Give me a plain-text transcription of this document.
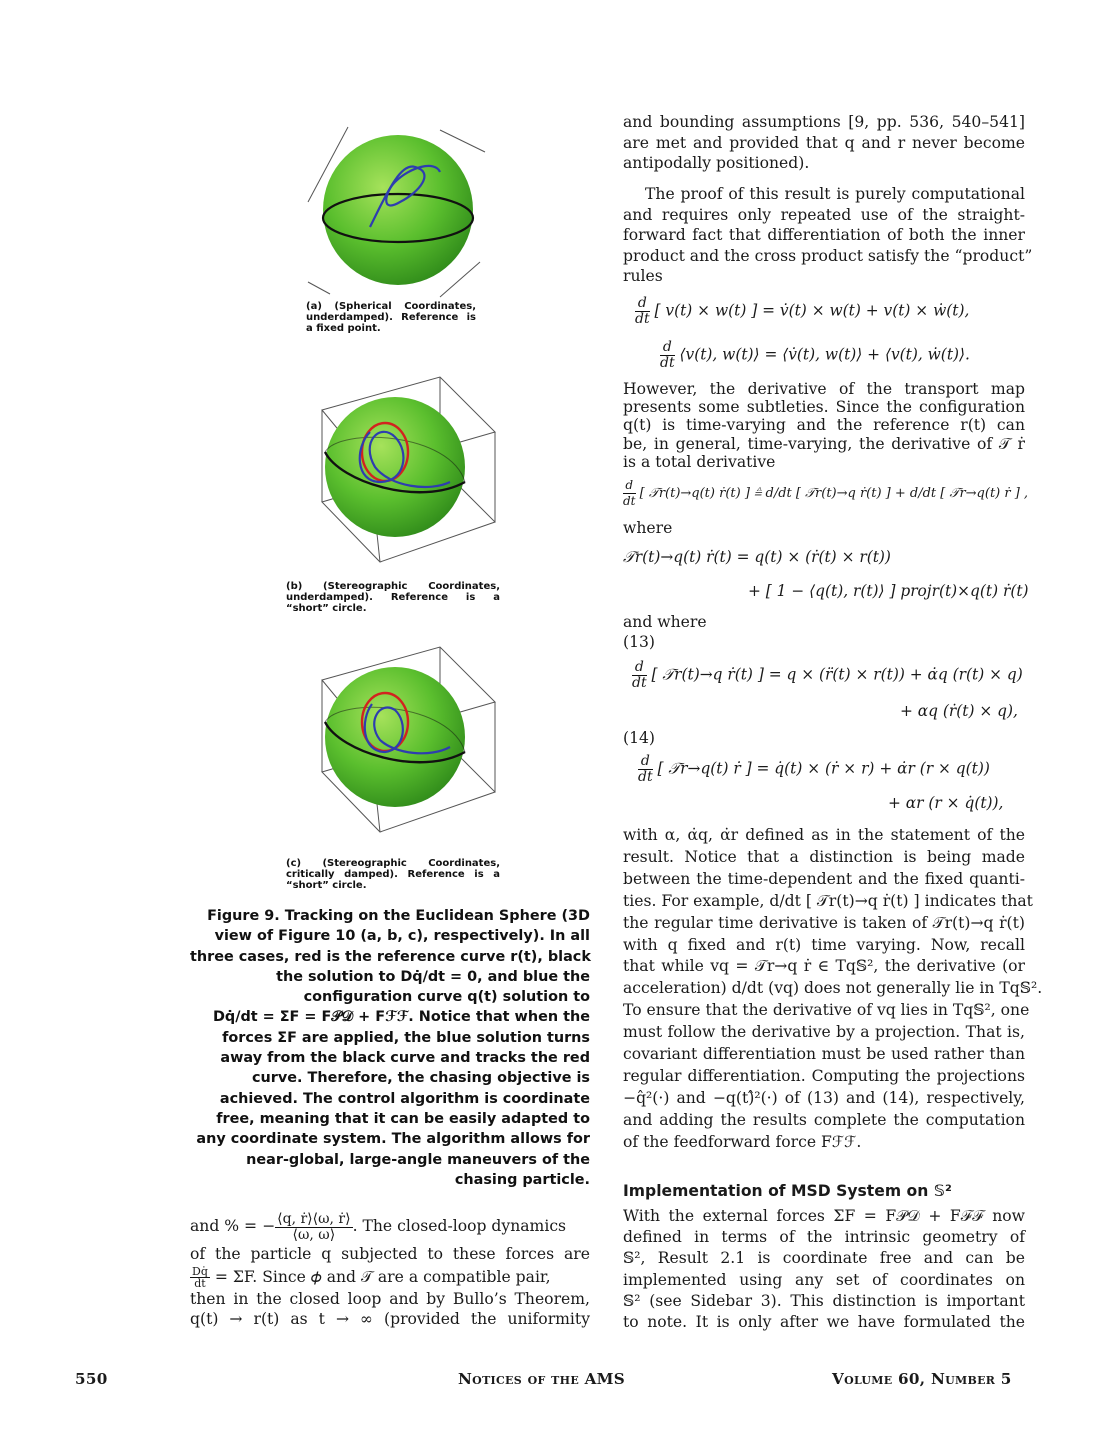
(a) (Spherical Coordinates, underdamped). Reference is a fixed point.
(b) (Stereographic Coordinates, underdamped). Reference is a “short” circle.
(c) (Stereographic Coordinates, critically damped). Reference is a “short” circle.
Figure 9. Tracking on the Euclidean Sphere (3D
view of Figure 10 (a, b, c), respectively). In all
three cases, red is the reference curve r(t), black
the solution to Dq̇/dt = 0, and blue the
configuration curve q(t) solution to
Dq̇/dt = ΣF = F𝒫𝒟 + Fℱℱ. Notice that when the
forces ΣF are applied, the blue solution turns
away from the black curve and tracks the red
curve. Therefore, the chasing objective is
achieved. The control algorithm is coordinate
free, meaning that it can be easily adapted to
any coordinate system. The algorithm allows for
near-global, large-angle maneuvers of the
chasing particle.
and % = − $\frac{\text{⟨q, ṙ⟩⟨ω, ṙ⟩}}{⟨\omega, \omega⟩}$ . The closed-loop dynamics
of the particle q subjected to these forces are
$\frac{Dq̇}{dt} = \Sigma F$. Since 𝜙 and 𝒯 are a compatible pair,
then in the closed loop and by Bullo’s Theorem,
q(t) → r(t) as t → ∞ (provided the uniformity
and bounding assumptions [9, pp. 536, 540–541]
are met and provided that q and r never become
antipodally positioned).
The proof of this result is purely computational
and requires only repeated use of the straight-
forward fact that differentiation of both the inner
product and the cross product satisfy the “product”
rules
$\frac{d}{dt}$ [ v(t) × w(t) ] = v̇(t) × w(t) + v(t) × ẇ(t),
$\frac{d}{dt}$ ⟨v(t), w(t)⟩ = ⟨v̇(t), w(t)⟩ + ⟨v(t), ẇ(t)⟩.
However, the derivative of the transport map
presents some subtleties. Since the configuration
q(t) is time-varying and the reference r(t) can
be, in general, time-varying, the derivative of 𝒯 ṙ
is a total derivative
$\frac{d}{dt}$ [ 𝒯r(t)→q(t) ṙ(t) ] ≜ d/dt [ 𝒯r(t)→q ṙ(t) ] + d/dt [ 𝒯r→q(t) ṙ ] ,
where
𝒯r(t)→q(t) ṙ(t) = q(t) × (ṙ(t) × r(t))
+ [ 1 − ⟨q(t), r(t)⟩ ] projr(t)×q(t) ṙ(t)
and where
(13)
$\frac{d}{dt}$ [ 𝒯r(t)→q ṙ(t) ] = q × (r̈(t) × r(t)) + α̇q (r(t) × q)
+ αq (ṙ(t) × q),
(14)
$\frac{d}{dt}$ [ 𝒯r→q(t) ṙ ] = q̇(t) × (ṙ × r) + α̇r (r × q(t))
+ αr (r × q̇(t)),
with α, α̇q, α̇r defined as in the statement of the
result. Notice that a distinction is being made
between the time-dependent and the fixed quanti-
ties. For example, d/dt [ 𝒯r(t)→q ṙ(t) ] indicates that
the regular time derivative is taken of 𝒯r(t)→q ṙ(t)
with q fixed and r(t) time varying. Now, recall
that while vq = 𝒯r→q ṙ ∈ Tq𝕊², the derivative (or
acceleration) d/dt (vq) does not generally lie in Tq𝕊².
To ensure that the derivative of vq lies in Tq𝕊², one
must follow the derivative by a projection. That is,
covariant differentiation must be used rather than
regular differentiation. Computing the projections
−q̂²(·) and −q(t)̂²(·) of (13) and (14), respectively,
and adding the results complete the computation
of the feedforward force Fℱℱ.
Implementation of MSD System on 𝕊²
With the external forces ΣF = F𝒫𝒟 + Fℱℱ now
defined in terms of the intrinsic geometry of
𝕊², Result 2.1 is coordinate free and can be
implemented using any set of coordinates on
𝕊² (see Sidebar 3). This distinction is important
to note. It is only after we have formulated the
550	Notices of the AMS	Volume 60, Number 5
